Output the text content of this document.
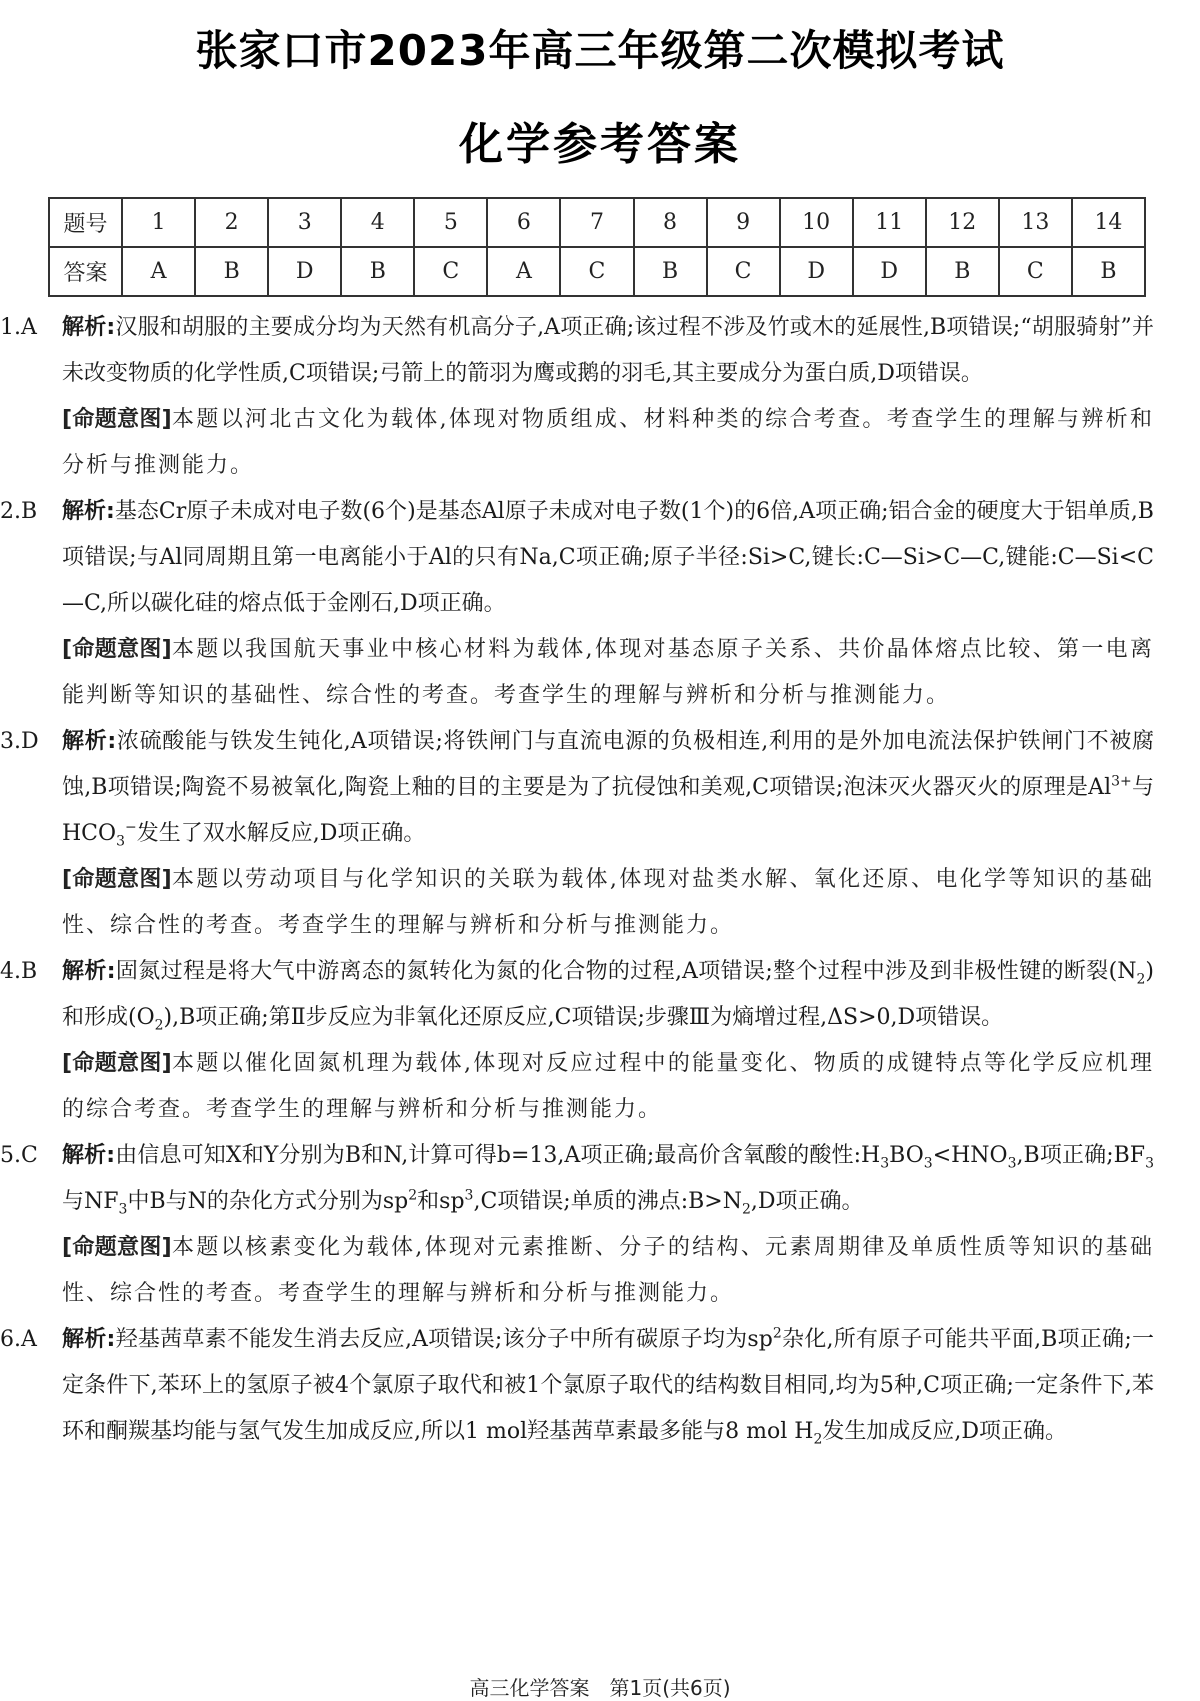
张家口市2023年高三年级第二次模拟考试
化学参考答案
题号	1	2	3	4	5	6	7	8	9	10	11	12	13	14
答案	A	B	D	B	C	A	C	B	C	D	D	B	C	B

1.A	解析:汉服和胡服的主要成分均为天然有机高分子,A项正确;该过程不涉及竹或木的延展性,B项错误;“胡服骑射”并未改变物质的化学性质,C项错误;弓箭上的箭羽为鹰或鹅的羽毛,其主要成分为蛋白质,D项错误。

[命题意图]本题以河北古文化为载体,体现对物质组成、材料种类的综合考查。考查学生的理解与辨析和分析与推测能力。

2.B	解析:基态Cr原子未成对电子数(6个)是基态Al原子未成对电子数(1个)的6倍,A项正确;铝合金的硬度大于铝单质,B项错误;与Al同周期且第一电离能小于Al的只有Na,C项正确;原子半径:Si>C,键长:C—Si>C—C,键能:C—Si<C—C,所以碳化硅的熔点低于金刚石,D项正确。

[命题意图]本题以我国航天事业中核心材料为载体,体现对基态原子关系、共价晶体熔点比较、第一电离能判断等知识的基础性、综合性的考查。考查学生的理解与辨析和分析与推测能力。

3.D	解析:浓硫酸能与铁发生钝化,A项错误;将铁闸门与直流电源的负极相连,利用的是外加电流法保护铁闸门不被腐蚀,B项错误;陶瓷不易被氧化,陶瓷上釉的目的主要是为了抗侵蚀和美观,C项错误;泡沫灭火器灭火的原理是$Al^{3+}$与$HCO_3^-$发生了双水解反应,D项正确。

[命题意图]本题以劳动项目与化学知识的关联为载体,体现对盐类水解、氧化还原、电化学等知识的基础性、综合性的考查。考查学生的理解与辨析和分析与推测能力。

4.B	解析:固氮过程是将大气中游离态的氮转化为氮的化合物的过程,A项错误;整个过程中涉及到非极性键的断裂$(N_2)$和形成$(O_2),B$项正确;第Ⅱ步反应为非氧化还原反应,C项错误;步骤Ⅲ为熵增过程,ΔS>0,D项错误。

[命题意图]本题以催化固氮机理为载体,体现对反应过程中的能量变化、物质的成键特点等化学反应机理的综合考查。考查学生的理解与辨析和分析与推测能力。

5.C	解析:由信息可知X和Y分别为B和N,计算可得b=13,A项正确;最高价含氧酸的酸性$:H_3BO_3<HNO_3,B$项正确$;BF_3$与$NF_3$中B与N的杂化方式分别为$sp^2$和$sp^3,C$项错误;单质的沸点$:B>N_2,D$项正确。

[命题意图]本题以核素变化为载体,体现对元素推断、分子的结构、元素周期律及单质性质等知识的基础性、综合性的考查。考查学生的理解与辨析和分析与推测能力。

6.A	解析:羟基茜草素不能发生消去反应,A项错误;该分子中所有碳原子均为$sp^2$杂化,所有原子可能共平面,B项正确;一定条件下,苯环上的氢原子被4个氯原子取代和被1个氯原子取代的结构数目相同,均为5种,C项正确;一定条件下,苯环和酮羰基均能与氢气发生加成反应,所以1 mol羟基茜草素最多能与8 mol $H_2$发生加成反应,D项正确。

高三化学答案　第1页(共6页)
